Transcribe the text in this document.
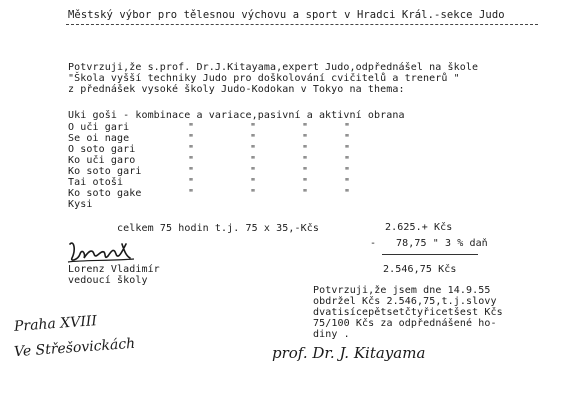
Městský výbor pro tělesnou výchovu a sport v Hradci Král.-sekce Judo
Potvrzuji,že s.prof. Dr.J.Kitayama,expert Judo,odpřednášel na škole
"Škola vyšší techniky Judo pro doškolování cvičitelů a trenerů "
z přednášek vysoké školy Judo-Kodokan v Tokyo na thema:
Uki goši - kombinace a variace,pasivní a aktivní obrana
O uči gari	"	"	"	"
Se oi nage	"	"	"	"
O soto gari	"	"	"	"
Ko uči garo	"	"	"	"
Ko soto gari	"	"	"	"
Tai otoši	"	"	"	"
Ko soto gake	"	"	"	"
Kysi
celkem 75 hodin t.j. 75 x 35,-Kčs	2.625.+ Kčs
- 78,75 " 3 % daň
2.546,75 Kčs
Lorenz Vladimír
vedoucí školy
Potvrzuji,že jsem dne 14.9.55
obdržel Kčs 2.546,75,t.j.slovy
dvatisícepětsetčtyřicetšest Kčs
75/100 Kčs za odpřednášené ho-
diny .
Praha XVIII
Ve Střešovickách	prof. Dr. J. Kitayama
